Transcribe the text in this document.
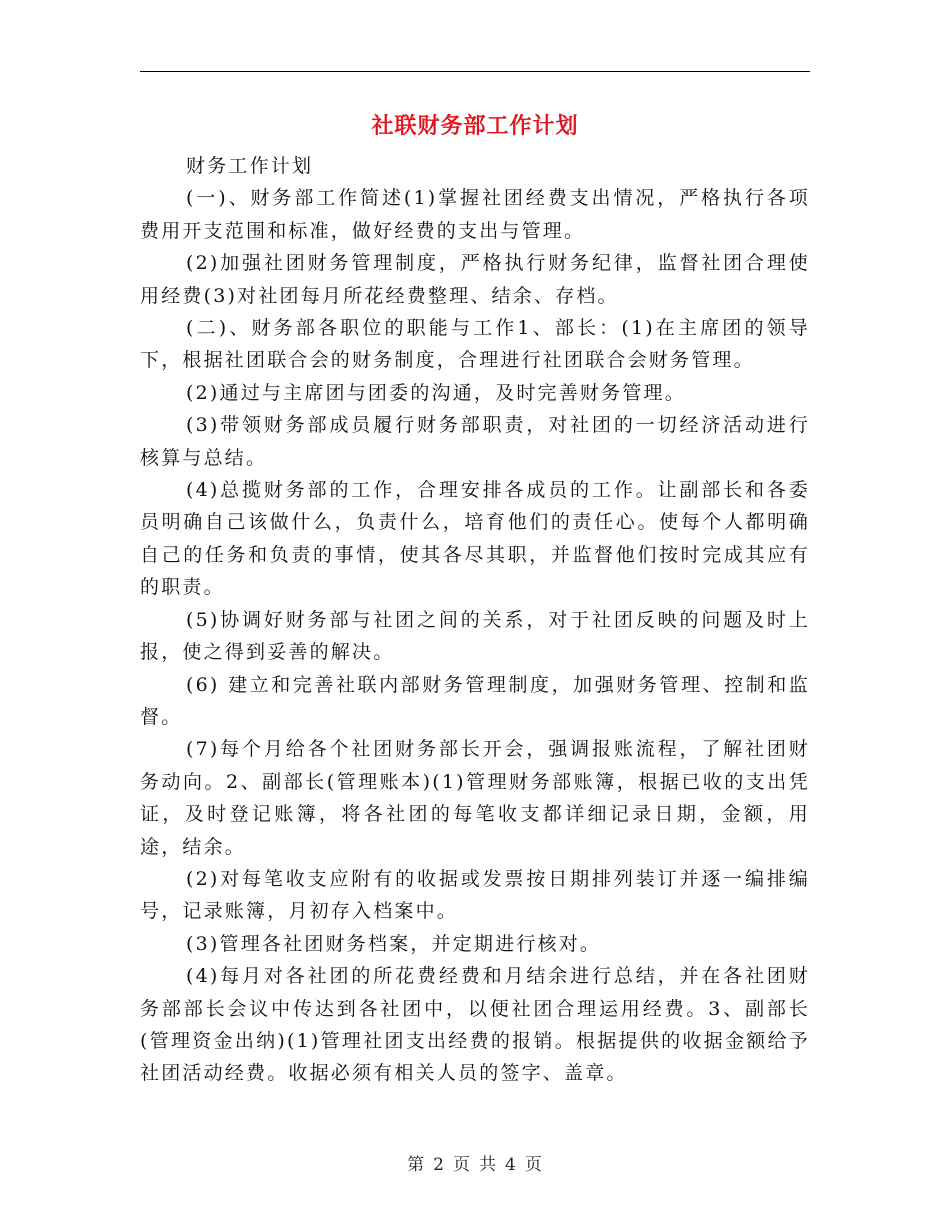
社联财务部工作计划

财务工作计划

(一)、财务部工作简述(1)掌握社团经费支出情况，严格执行各项费用开支范围和标准，做好经费的支出与管理。

(2)加强社团财务管理制度，严格执行财务纪律，监督社团合理使用经费(3)对社团每月所花经费整理、结余、存档。

(二)、财务部各职位的职能与工作1、部长：(1)在主席团的领导下，根据社团联合会的财务制度，合理进行社团联合会财务管理。

(2)通过与主席团与团委的沟通，及时完善财务管理。

(3)带领财务部成员履行财务部职责，对社团的一切经济活动进行核算与总结。

(4)总揽财务部的工作，合理安排各成员的工作。让副部长和各委员明确自己该做什么，负责什么，培育他们的责任心。使每个人都明确自己的任务和负责的事情，使其各尽其职，并监督他们按时完成其应有的职责。

(5)协调好财务部与社团之间的关系，对于社团反映的问题及时上报，使之得到妥善的解决。

(6) 建立和完善社联内部财务管理制度，加强财务管理、控制和监督。

(7)每个月给各个社团财务部长开会，强调报账流程，了解社团财务动向。2、副部长(管理账本)(1)管理财务部账簿，根据已收的支出凭证，及时登记账簿，将各社团的每笔收支都详细记录日期，金额，用途，结余。

(2)对每笔收支应附有的收据或发票按日期排列装订并逐一编排编号，记录账簿，月初存入档案中。

(3)管理各社团财务档案，并定期进行核对。

(4)每月对各社团的所花费经费和月结余进行总结，并在各社团财务部部长会议中传达到各社团中，以便社团合理运用经费。3、副部长(管理资金出纳)(1)管理社团支出经费的报销。根据提供的收据金额给予社团活动经费。收据必须有相关人员的签字、盖章。

第 2 页 共 4 页
